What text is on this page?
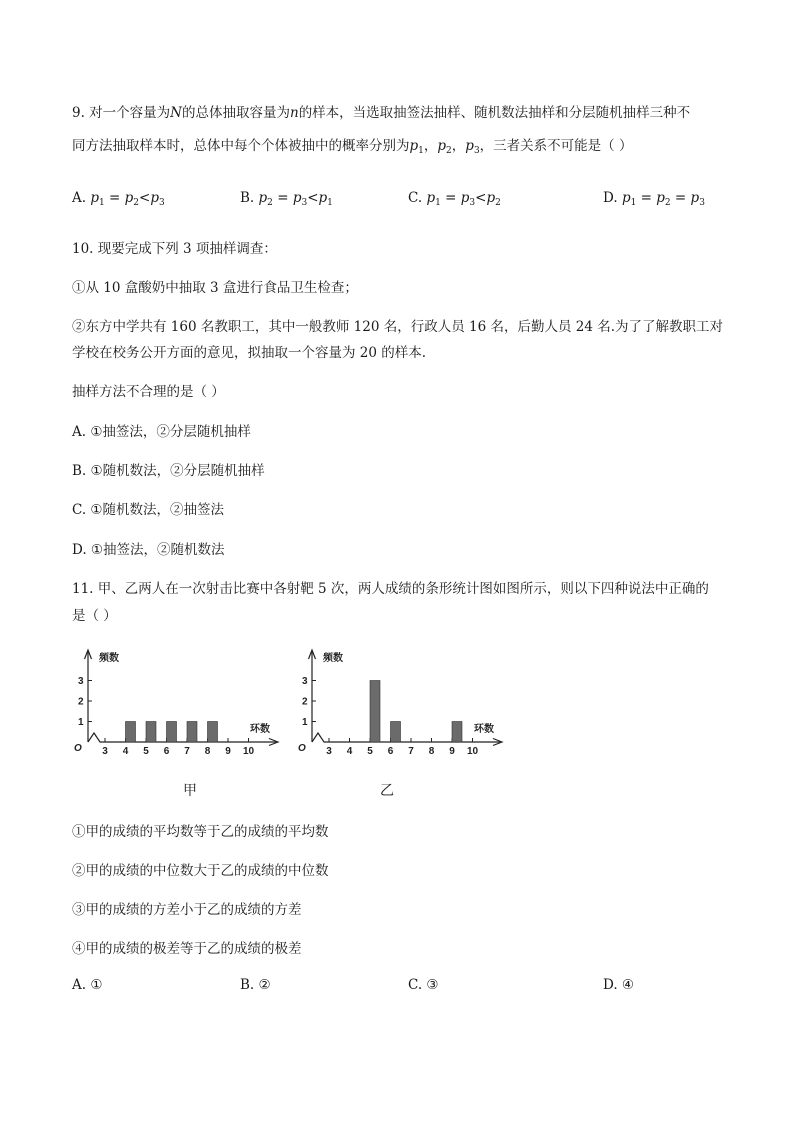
9. 对一个容量为N的总体抽取容量为n的样本，当选取抽签法抽样、随机数法抽样和分层随机抽样三种不
同方法抽取样本时，总体中每个个体被抽中的概率分别为$p_1$，$p_2$，$p_3$，三者关系不可能是（ ）
A. $p_1 = p_2<p_3$	B. $p_2 = p_3<p_1$	C. $p_1 = p_3<p_2$	D. $p_1 = p_2 = p_3$
10. 现要完成下列 3 项抽样调查：
①从 10 盒酸奶中抽取 3 盒进行食品卫生检查；
②东方中学共有 160 名教职工，其中一般教师 120 名，行政人员 16 名，后勤人员 24 名.为了了解教职工对
学校在校务公开方面的意见，拟抽取一个容量为 20 的样本.
抽样方法不合理的是（ ）
A. ①抽签法，②分层随机抽样
B. ①随机数法，②分层随机抽样
C. ①随机数法，②抽签法
D. ①抽签法，②随机数法
11. 甲、乙两人在一次射击比赛中各射靶 5 次，两人成绩的条形统计图如图所示，则以下四种说法中正确的
是（ ）
频数
环数
O
1
2
3
3 4 5 6 7 8 9 10
频数
环数
O
1
2
3
3 4 5 6 7 8 9 10
甲	乙
①甲的成绩的平均数等于乙的成绩的平均数
②甲的成绩的中位数大于乙的成绩的中位数
③甲的成绩的方差小于乙的成绩的方差
④甲的成绩的极差等于乙的成绩的极差
A. ①	B. ②	C. ③	D. ④
